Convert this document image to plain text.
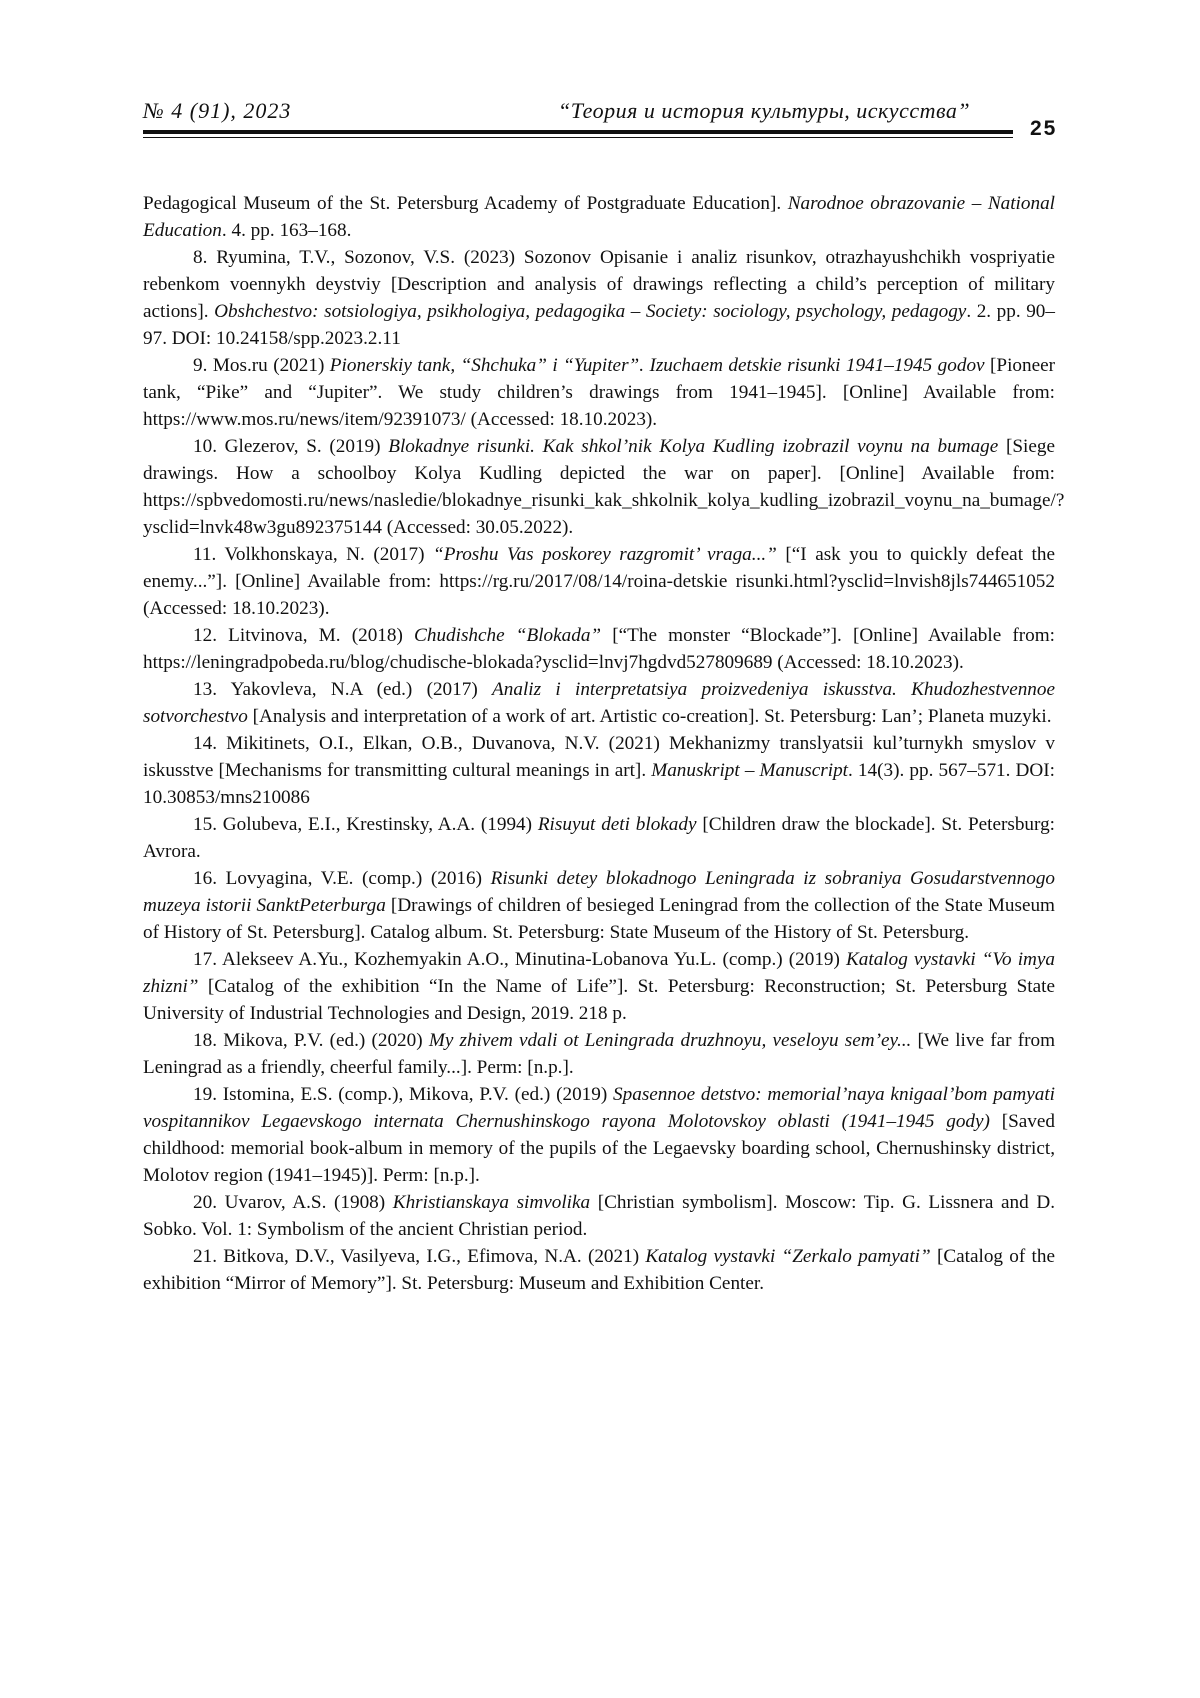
№ 4 (91), 2023	“Теория и история культуры, искусства”
25

Pedagogical Museum of the St. Petersburg Academy of Postgraduate Education]. Narodnoe obrazovanie – National Education. 4. pp. 163–168.

8. Ryumina, T.V., Sozonov, V.S. (2023) Sozonov Opisanie i analiz risunkov, otrazhayushchikh vospriyatie rebenkom voennykh deystviy [Description and analysis of drawings reflecting a child’s perception of military actions]. Obshchestvo: sotsiologiya, psikhologiya, pedagogika – Society: sociology, psychology, pedagogy. 2. pp. 90–97. DOI: 10.24158/spp.2023.2.11

9. Mos.ru (2021) Pionerskiy tank, “Shchuka” i “Yupiter”. Izuchaem detskie risunki 1941–1945 godov [Pioneer tank, “Pike” and “Jupiter”. We study children’s drawings from 1941–1945]. [Online] Available from: https://www.mos.ru/news/item/92391073/ (Accessed: 18.10.2023).

10. Glezerov, S. (2019) Blokadnye risunki. Kak shkol’nik Kolya Kudling izobrazil voynu na bumage [Siege drawings. How a schoolboy Kolya Kudling depicted the war on paper]. [Online] Available from: https://spbvedomosti.ru/news/nasledie/blokadnye_risunki_kak_shkolnik_kolya_kudling_izobrazil_voynu_na_bumage/?ysclid=lnvk48w3gu892375144 (Accessed: 30.05.2022).

11. Volkhonskaya, N. (2017) “Proshu Vas poskorey razgromit’ vraga...” [“I ask you to quickly defeat the enemy...”]. [Online] Available from: https://rg.ru/2017/08/14/roina-detskie risunki.html?ysclid=lnvish8jls744651052 (Accessed: 18.10.2023).

12. Litvinova, M. (2018) Chudishche “Blokada” [“The monster “Blockade”]. [Online] Available from: https://leningradpobeda.ru/blog/chudische-blokada?ysclid=lnvj7hgdvd527809689 (Accessed: 18.10.2023).

13. Yakovleva, N.A (ed.) (2017) Analiz i interpretatsiya proizvedeniya iskusstva. Khudozhestvennoe sotvorchestvo [Analysis and interpretation of a work of art. Artistic co-creation]. St. Petersburg: Lan’; Planeta muzyki.

14. Mikitinets, O.I., Elkan, O.B., Duvanova, N.V. (2021) Mekhanizmy translyatsii kul’turnykh smyslov v iskusstve [Mechanisms for transmitting cultural meanings in art]. Manuskript – Manuscript. 14(3). pp. 567–571. DOI: 10.30853/mns210086

15. Golubeva, E.I., Krestinsky, A.A. (1994) Risuyut deti blokady [Children draw the blockade]. St. Petersburg: Avrora.

16. Lovyagina, V.E. (comp.) (2016) Risunki detey blokadnogo Leningrada iz sobraniya Gosudarstvennogo muzeya istorii SanktPeterburga [Drawings of children of besieged Leningrad from the collection of the State Museum of History of St. Petersburg]. Catalog album. St. Petersburg: State Museum of the History of St. Petersburg.

17. Alekseev A.Yu., Kozhemyakin A.O., Minutina-Lobanova Yu.L. (comp.) (2019) Katalog vystavki “Vo imya zhizni” [Catalog of the exhibition “In the Name of Life”]. St. Petersburg: Reconstruction; St. Petersburg State University of Industrial Technologies and Design, 2019. 218 p.

18. Mikova, P.V. (ed.) (2020) My zhivem vdali ot Leningrada druzhnoyu, veseloyu sem’ey... [We live far from Leningrad as a friendly, cheerful family...]. Perm: [n.p.].

19. Istomina, E.S. (comp.), Mikova, P.V. (ed.) (2019) Spasennoe detstvo: memorial’naya knigaal’bom pamyati vospitannikov Legaevskogo internata Chernushinskogo rayona Molotovskoy oblasti (1941–1945 gody) [Saved childhood: memorial book-album in memory of the pupils of the Legaevsky boarding school, Chernushinsky district, Molotov region (1941–1945)]. Perm: [n.p.].

20. Uvarov, A.S. (1908) Khristianskaya simvolika [Christian symbolism]. Moscow: Tip. G. Lissnera and D. Sobko. Vol. 1: Symbolism of the ancient Christian period.

21. Bitkova, D.V., Vasilyeva, I.G., Efimova, N.A. (2021) Katalog vystavki “Zerkalo pamyati” [Catalog of the exhibition “Mirror of Memory”]. St. Petersburg: Museum and Exhibition Center.
